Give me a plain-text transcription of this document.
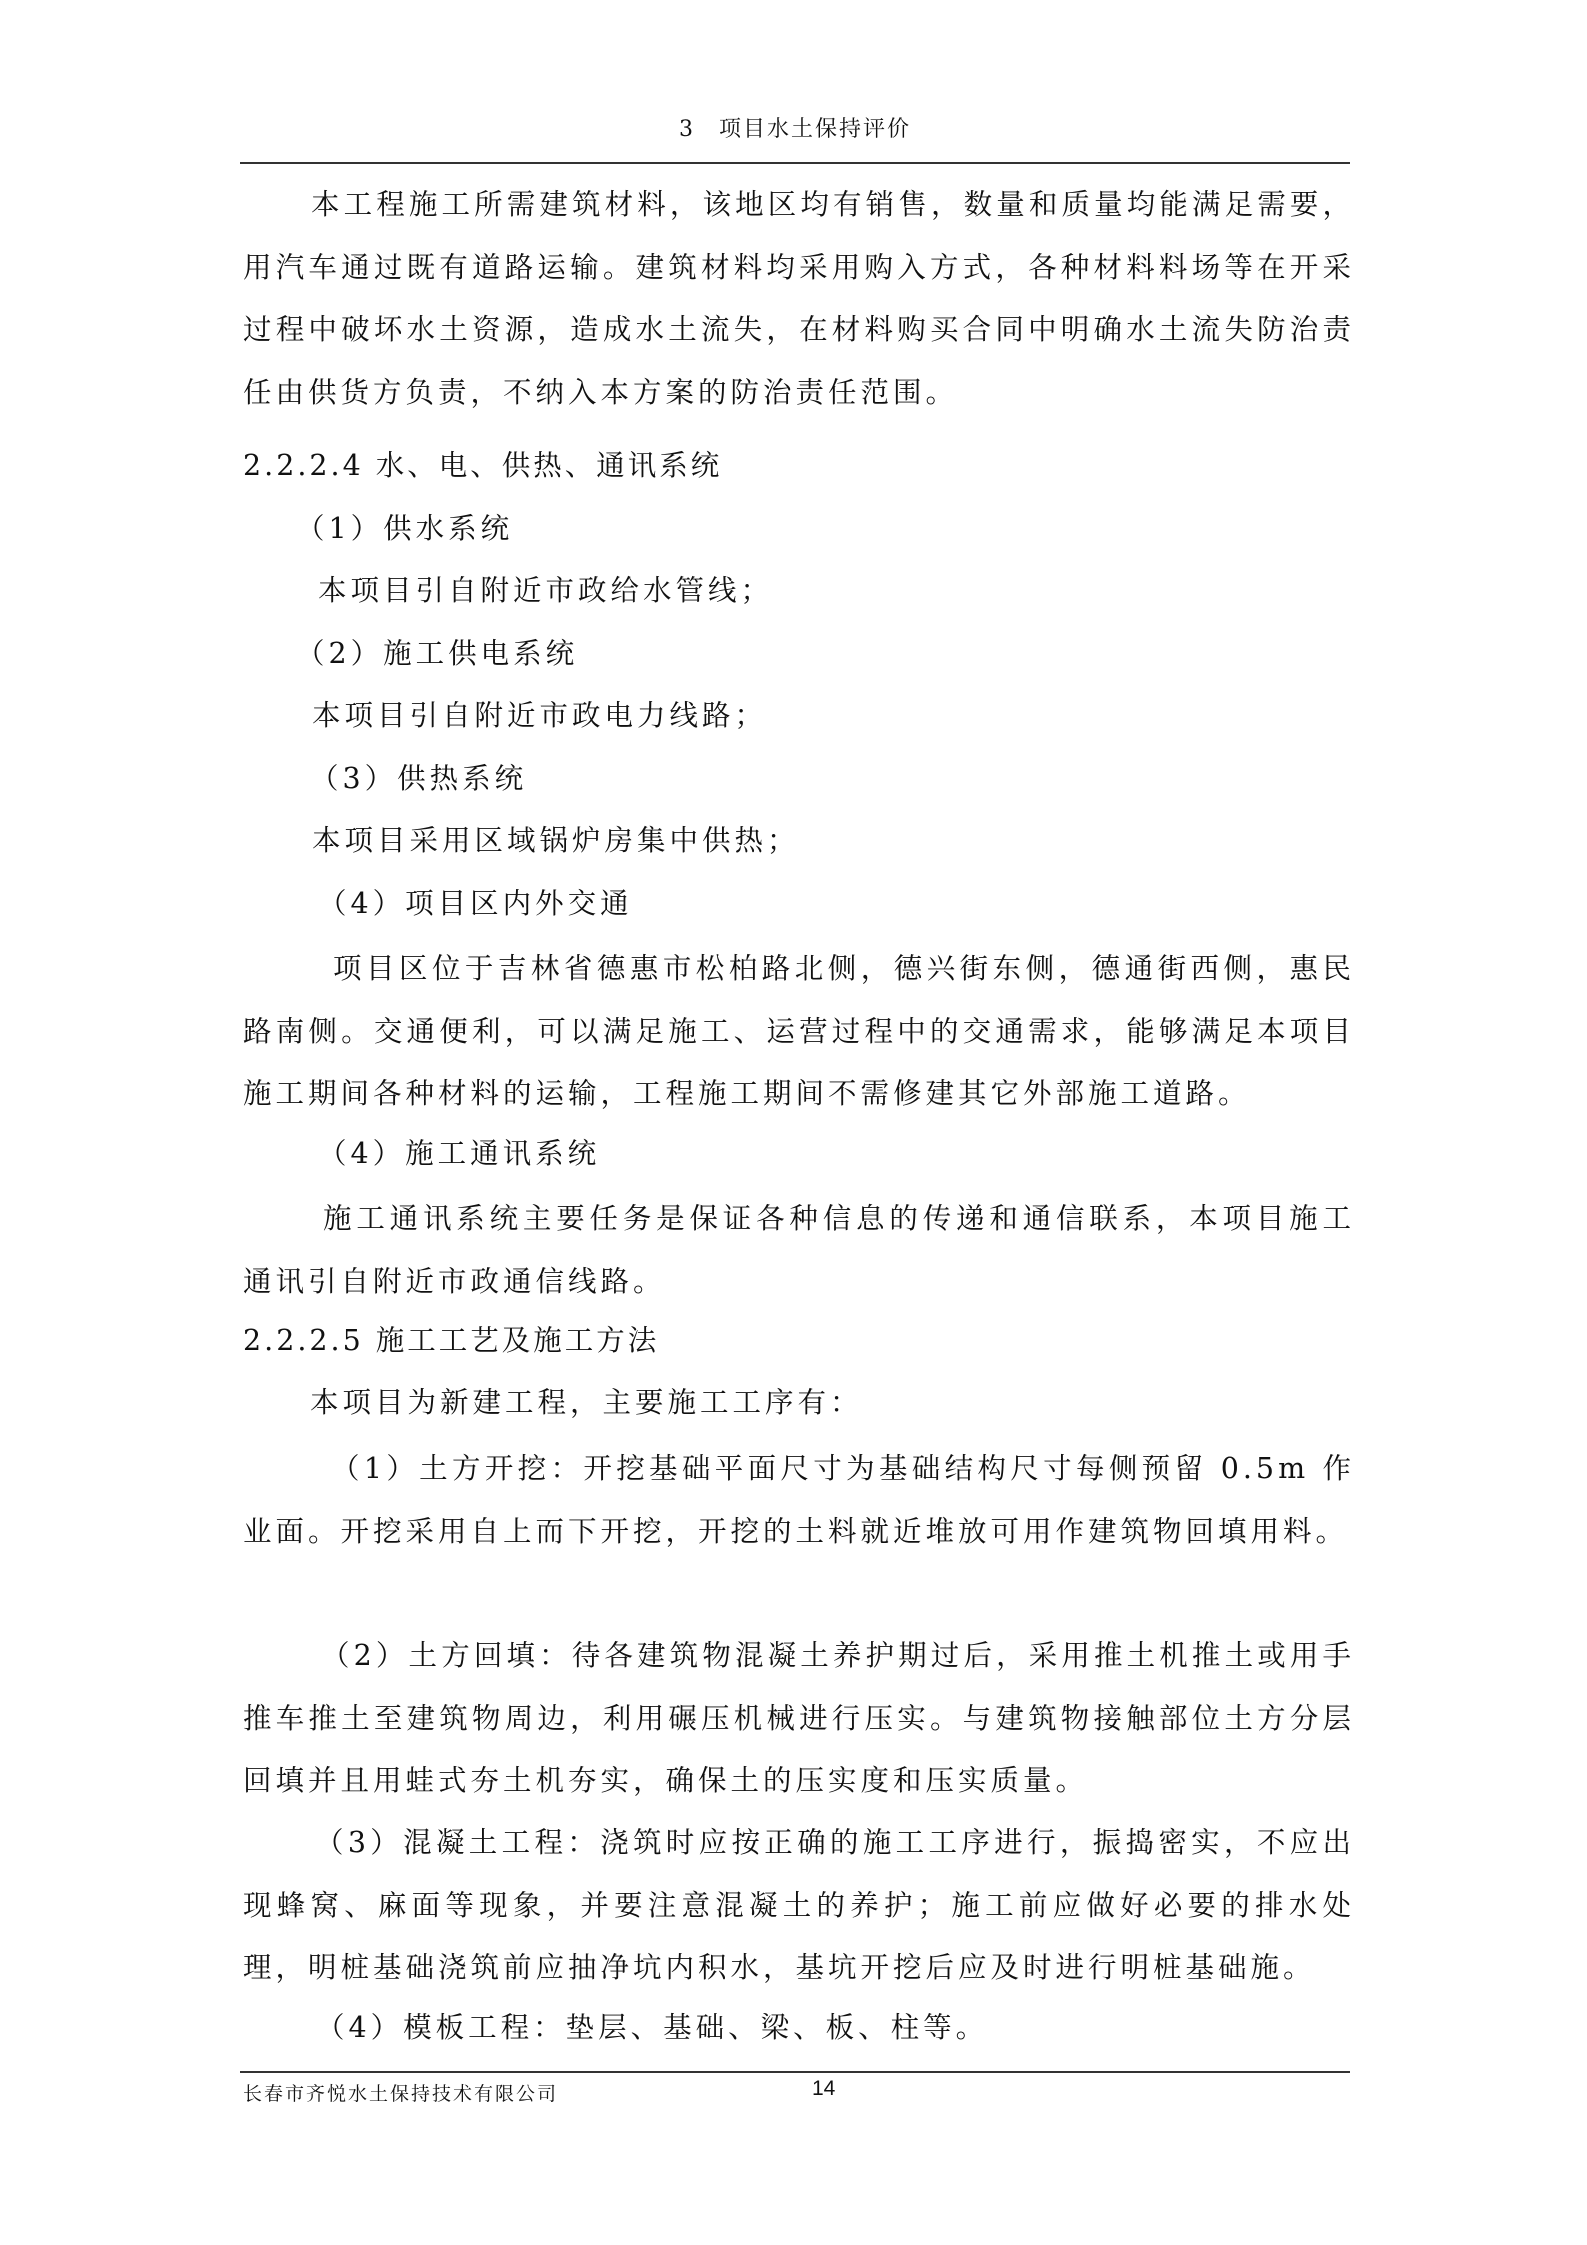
3　项目水土保持评价
本工程施工所需建筑材料，该地区均有销售，数量和质量均能满足需要，用汽车通过既有道路运输。建筑材料均采用购入方式，各种材料料场等在开采过程中破坏水土资源，造成水土流失，在材料购买合同中明确水土流失防治责任由供货方负责，不纳入本方案的防治责任范围。
2.2.2.4 水、电、供热、通讯系统
（1）供水系统
本项目引自附近市政给水管线；
（2）施工供电系统
本项目引自附近市政电力线路；
（3）供热系统
本项目采用区域锅炉房集中供热；
（4）项目区内外交通
项目区位于吉林省德惠市松柏路北侧，德兴街东侧，德通街西侧，惠民路南侧。交通便利，可以满足施工、运营过程中的交通需求，能够满足本项目施工期间各种材料的运输，工程施工期间不需修建其它外部施工道路。
（4）施工通讯系统
施工通讯系统主要任务是保证各种信息的传递和通信联系，本项目施工通讯引自附近市政通信线路。
2.2.2.5 施工工艺及施工方法
本项目为新建工程，主要施工工序有：
（1）土方开挖：开挖基础平面尺寸为基础结构尺寸每侧预留 0.5m 作业面。开挖采用自上而下开挖，开挖的土料就近堆放可用作建筑物回填用料。
（2）土方回填：待各建筑物混凝土养护期过后，采用推土机推土或用手推车推土至建筑物周边，利用碾压机械进行压实。与建筑物接触部位土方分层回填并且用蛙式夯土机夯实，确保土的压实度和压实质量。
（3）混凝土工程：浇筑时应按正确的施工工序进行，振捣密实，不应出现蜂窝、麻面等现象，并要注意混凝土的养护；施工前应做好必要的排水处理，明桩基础浇筑前应抽净坑内积水，基坑开挖后应及时进行明桩基础施。
（4）模板工程：垫层、基础、梁、板、柱等。
长春市齐悦水土保持技术有限公司	14
